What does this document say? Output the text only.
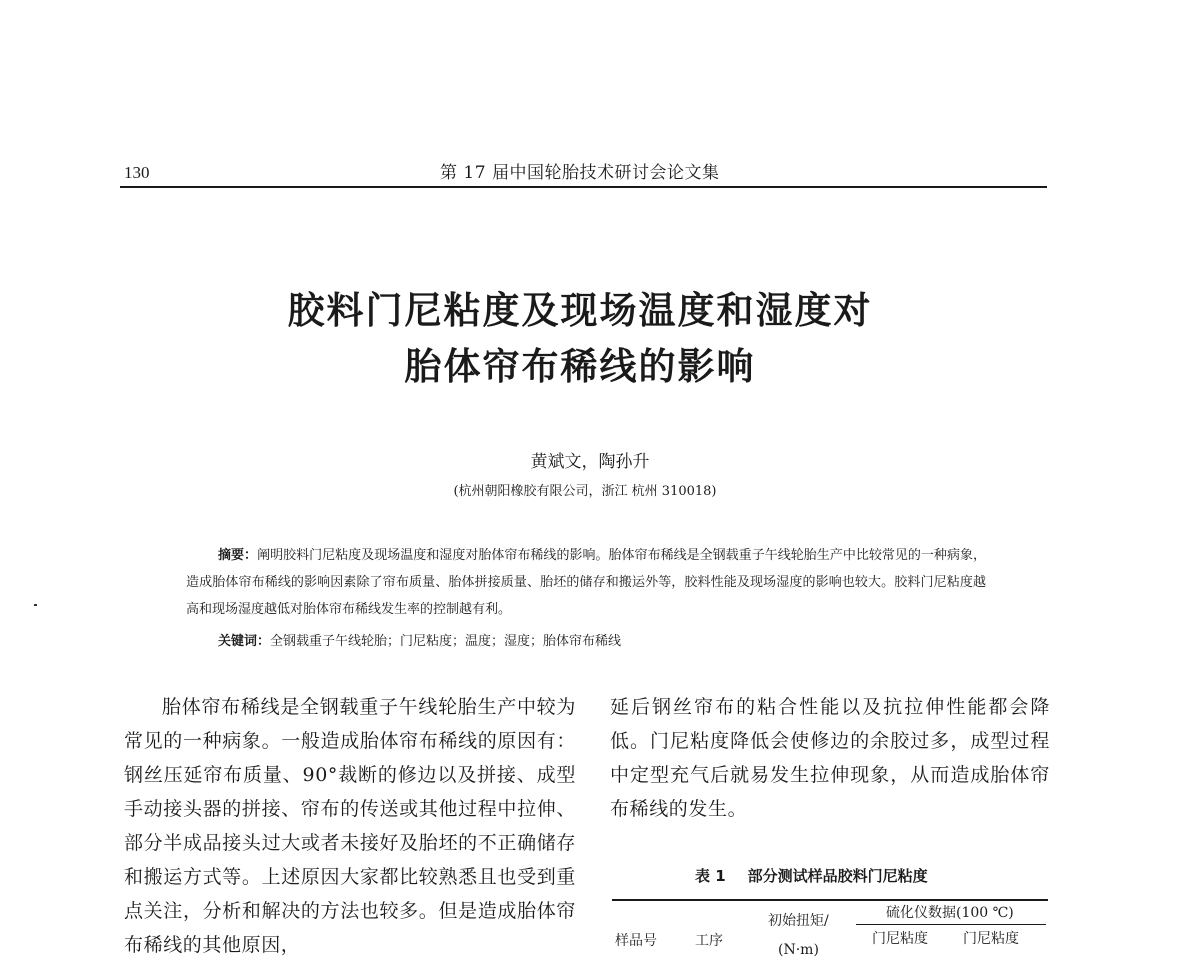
130	第 17 届中国轮胎技术研讨会论文集
胶料门尼粘度及现场温度和湿度对
胎体帘布稀线的影响
黄斌文，陶孙升
(杭州朝阳橡胶有限公司，浙江 杭州 310018)
摘要：阐明胶料门尼粘度及现场温度和湿度对胎体帘布稀线的影响。胎体帘布稀线是全钢载重子午线轮胎生产中比较常见的一种病象，造成胎体帘布稀线的影响因素除了帘布质量、胎体拼接质量、胎坯的储存和搬运外等，胶料性能及现场湿度的影响也较大。胶料门尼粘度越高和现场湿度越低对胎体帘布稀线发生率的控制越有利。
关键词：全钢载重子午线轮胎；门尼粘度；温度；湿度；胎体帘布稀线
胎体帘布稀线是全钢载重子午线轮胎生产中较为常见的一种病象。一般造成胎体帘布稀线的原因有：钢丝压延帘布质量、90°裁断的修边以及拼接、成型手动接头器的拼接、帘布的传送或其他过程中拉伸、部分半成品接头过大或者未接好及胎坯的不正确储存和搬运方式等。上述原因大家都比较熟悉且也受到重点关注，分析和解决的方法也较多。但是造成胎体帘布稀线的其他原因，
延后钢丝帘布的粘合性能以及抗拉伸性能都会降低。门尼粘度降低会使修边的余胶过多，成型过程中定型充气后就易发生拉伸现象，从而造成胎体帘布稀线的发生。
表 1 部分测试样品胶料门尼粘度
样品号	工序
初始扭矩/
(N·m)
硫化仪数据(100 ℃)
门尼粘度	门尼粘度
